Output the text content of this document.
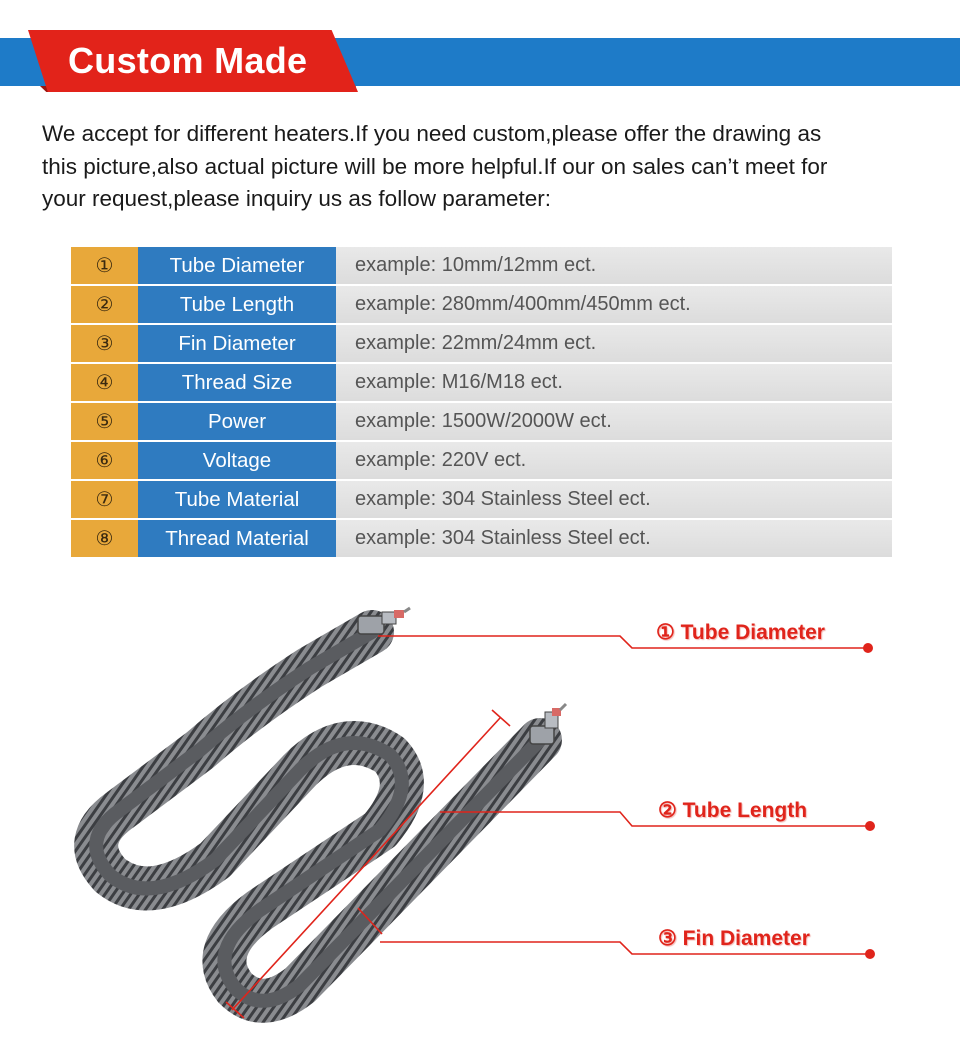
Custom Made
We accept for different heaters.If you need custom,please offer the drawing as
this picture,also actual picture will be more helpful.If our on sales can’t meet for
your request,please inquiry us as follow parameter:
①	Tube Diameter	example: 10mm/12mm ect.
②	Tube Length	example: 280mm/400mm/450mm ect.
③	Fin Diameter	example: 22mm/24mm ect.
④	Thread Size	example: M16/M18 ect.
⑤	Power	example: 1500W/2000W ect.
⑥	Voltage	example: 220V ect.
⑦	Tube Material	example: 304 Stainless Steel ect.
⑧	Thread Material	example: 304 Stainless Steel ect.
① Tube Diameter
② Tube Length
③ Fin Diameter
